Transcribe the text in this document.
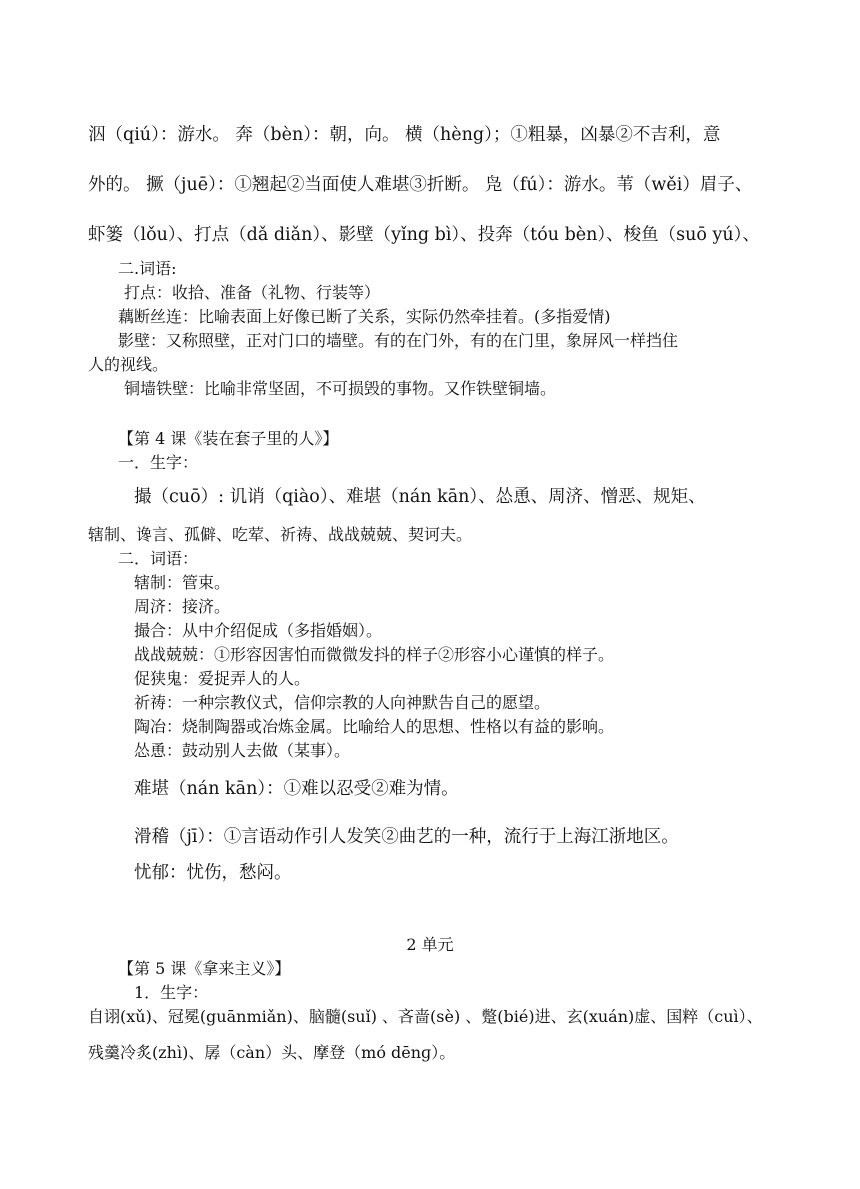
泅（qiú）：游水。 奔（bèn）：朝，向。 横（hèng）；①粗暴，凶暴②不吉利，意
外的。 撅（juē）：①翘起②当面使人难堪③折断。 凫（fú）：游水。苇（wěi）眉子、
虾篓（lǒu）、打点（dǎ diǎn）、影壁（yǐng bì）、投奔（tóu bèn）、梭鱼（suō yú）、
二.词语:
打点：收拾、准备（礼物、行装等）
藕断丝连：比喻表面上好像已断了关系，实际仍然牵挂着。(多指爱情)
影壁：又称照壁，正对门口的墙壁。有的在门外，有的在门里，象屏风一样挡住
人的视线。
铜墙铁壁：比喻非常坚固，不可损毁的事物。又作铁壁铜墙。
【第 4 课《装在套子里的人》】
一．生字：
撮（cuō）: 讥诮（qiào）、难堪（nán kān）、怂恿、周济、憎恶、规矩、
辖制、谗言、孤僻、吃荤、祈祷、战战兢兢、契诃夫。
二．词语：
辖制：管束。
周济：接济。
撮合：从中介绍促成（多指婚姻）。
战战兢兢：①形容因害怕而微微发抖的样子②形容小心谨慎的样子。
促狭鬼：爱捉弄人的人。
祈祷：一种宗教仪式，信仰宗教的人向神默告自己的愿望。
陶冶：烧制陶器或冶炼金属。比喻给人的思想、性格以有益的影响。
怂恿：鼓动别人去做（某事）。
难堪（nán kān）：①难以忍受②难为情。
滑稽（jī）：①言语动作引人发笑②曲艺的一种，流行于上海江浙地区。
忧郁：忧伤，愁闷。
2 单元
【第 5 课《拿来主义》】
1．生字：
自诩(xǔ)、冠冕(guānmiǎn)、脑髓(suǐ) 、吝啬(sè) 、蹩(bié)进、玄(xuán)虚、国粹（cuì）、
残羹冷炙(zhì)、孱（càn）头、摩登（mó dēnɡ）。
